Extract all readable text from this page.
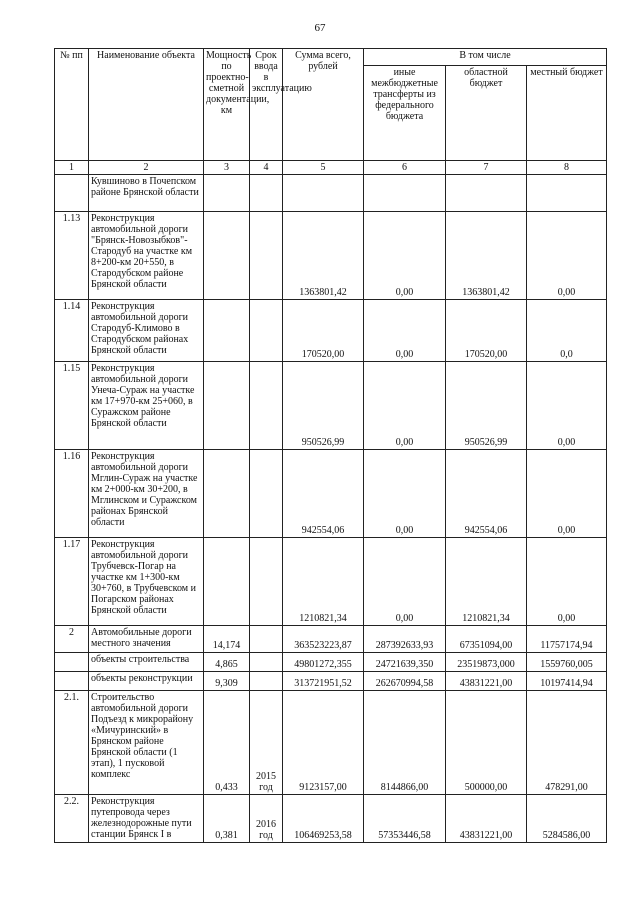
67
№ пп	Наименование объекта	Мощность по проектно-сметной документации, км	Срок ввода в эксплуатацию	Сумма всего, рублей	В том числе		
					иные межбюджетные трансферты из федерального бюджета	областной бюджет	местный бюджет
1	2	3	4	5	6	7	8
	Кувшиново в Почепском районе Брянской области						
1.13	Реконструкция автомобильной дороги "Брянск-Новозыбков"-Стародуб на участке км 8+200-км 20+550, в Стародубском районе Брянской области			1363801,42	0,00	1363801,42	0,00
1.14	Реконструкция автомобильной дороги Стародуб-Климово в Стародубском районах Брянской области			170520,00	0,00	170520,00	0,0
1.15	Реконструкция автомобильной дороги Унеча-Сураж на участке км 17+970-км 25+060, в Суражском районе Брянской области			950526,99	0,00	950526,99	0,00
1.16	Реконструкция автомобильной дороги Мглин-Сураж на участке км 2+000-км 30+200, в Мглинском и Суражском районах Брянской области			942554,06	0,00	942554,06	0,00
1.17	Реконструкция автомобильной дороги Трубчевск-Погар на участке км 1+300-км 30+760, в Трубчевском и Погарском районах Брянской области			1210821,34	0,00	1210821,34	0,00
2	Автомобильные дороги местного значения	14,174		363523223,87	287392633,93	67351094,00	11757174,94
	объекты строительства	4,865		49801272,355	24721639,350	23519873,000	1559760,005
	объекты реконструкции	9,309		313721951,52	262670994,58	43831221,00	10197414,94
2.1.	Строительство автомобильной дороги Подъезд к микрорайону «Мичуринский» в Брянском районе Брянской области (1 этап), 1 пусковой комплекс	0,433	2015 год	9123157,00	8144866,00	500000,00	478291,00
2.2.	Реконструкция путепровода через железнодорожные пути станции Брянск I в	0,381	2016 год	106469253,58	57353446,58	43831221,00	5284586,00
